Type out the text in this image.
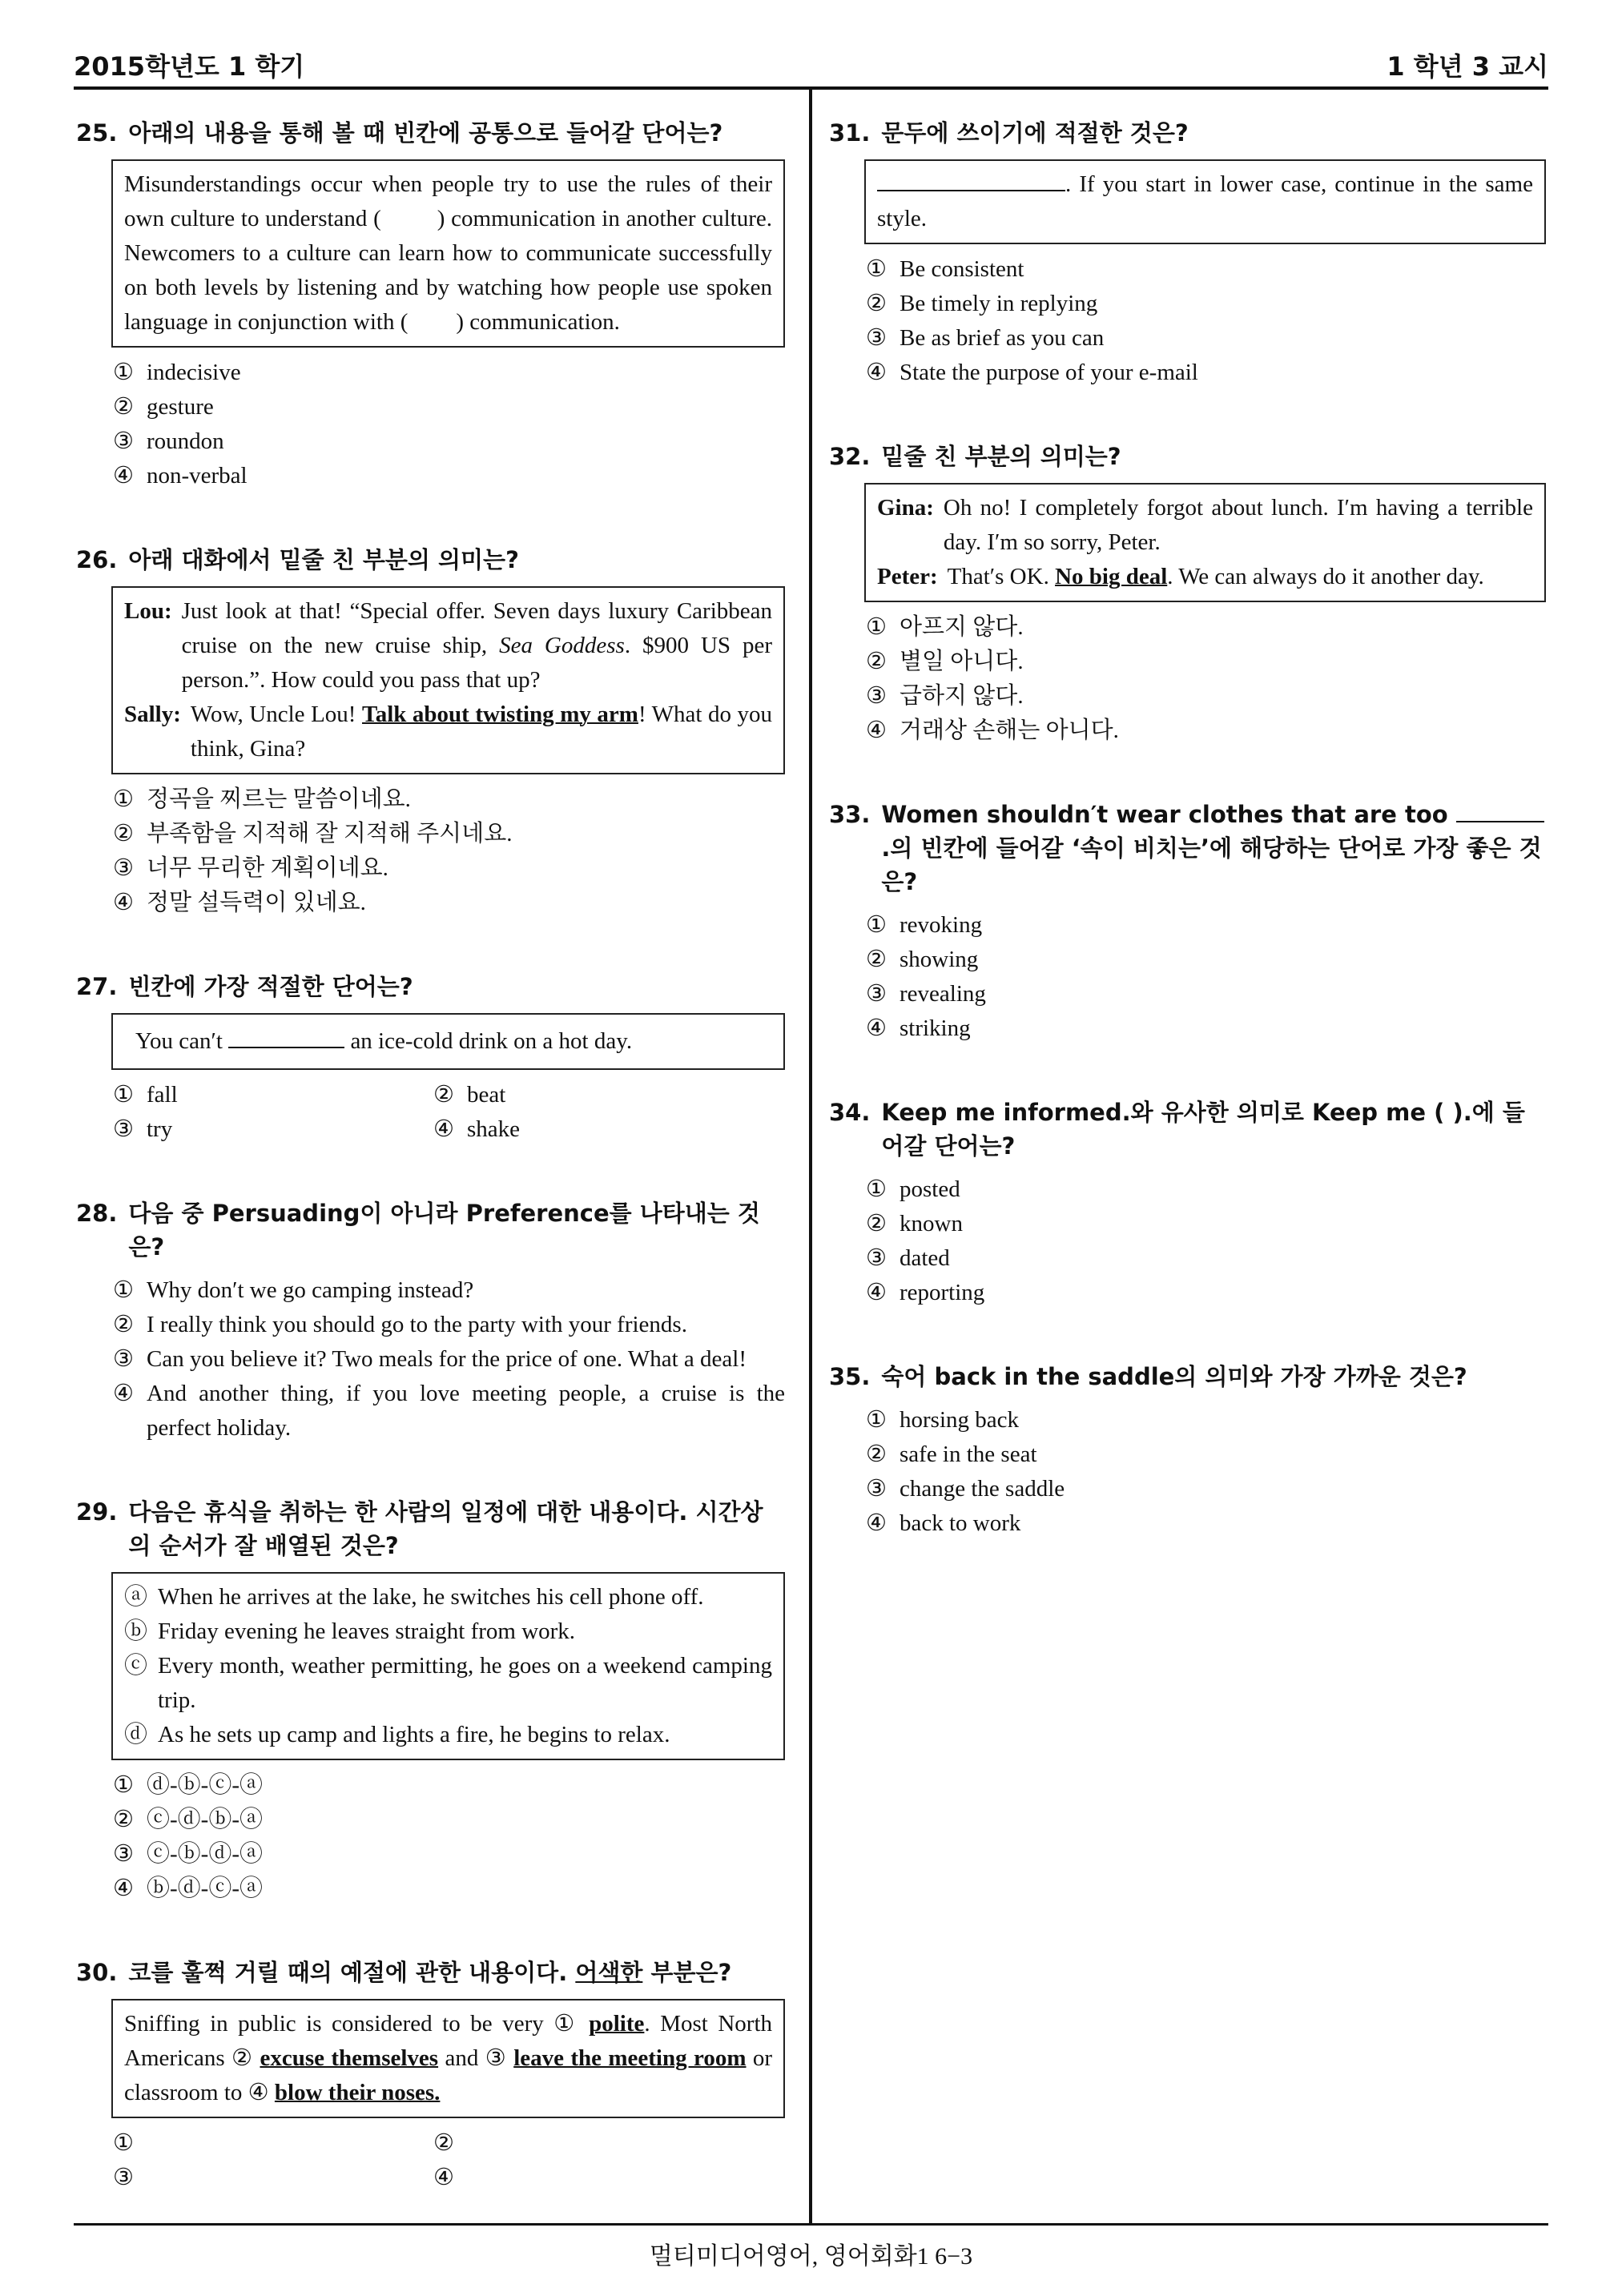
2015학년도 1 학기	1 학년 3 교시
25. 아래의 내용을 통해 볼 때 빈칸에 공통으로 들어갈 단어는?
Misunderstandings occur when people try to use the rules of their own culture to understand ( ) communication in another culture. Newcomers to a culture can learn how to communicate successfully on both levels by listening and by watching how people use spoken language in conjunction with ( ) communication.
① indecisive
② gesture
③ roundon
④ non-verbal
26. 아래 대화에서 밑줄 친 부분의 의미는?
Lou: Just look at that! “Special offer. Seven days luxury Caribbean cruise on the new cruise ship, Sea Goddess. $900 US per person.”. How could you pass that up?
Sally: Wow, Uncle Lou! Talk about twisting my arm! What do you think, Gina?
① 정곡을 찌르는 말씀이네요.
② 부족함을 지적해 잘 지적해 주시네요.
③ 너무 무리한 계획이네요.
④ 정말 설득력이 있네요.
27. 빈칸에 가장 적절한 단어는?
You can′t	an ice-cold drink on a hot day.
① fall	② beat
③ try	④ shake
28. 다음 중 Persuading이 아니라 Preference를 나타내는 것은?
① Why don′t we go camping instead?
② I really think you should go to the party with your friends.
③ Can you believe it? Two meals for the price of one. What a deal!
④ And another thing, if you love meeting people, a cruise is the perfect holiday.
29. 다음은 휴식을 취하는 한 사람의 일정에 대한 내용이다. 시간상의 순서가 잘 배열된 것은?
ⓐ When he arrives at the lake, he switches his cell phone off.
ⓑ Friday evening he leaves straight from work.
ⓒ Every month, weather permitting, he goes on a weekend camping trip.
ⓓ As he sets up camp and lights a fire, he begins to relax.
① ⓓ-ⓑ-ⓒ-ⓐ
② ⓒ-ⓓ-ⓑ-ⓐ
③ ⓒ-ⓑ-ⓓ-ⓐ
④ ⓑ-ⓓ-ⓒ-ⓐ
30. 코를 훌쩍 거릴 때의 예절에 관한 내용이다. 어색한 부분은?
Sniffing in public is considered to be very ① polite. Most North Americans ② excuse themselves and ③ leave the meeting room or classroom to ④ blow their noses.
①	②
③	④
31. 문두에 쓰이기에 적절한 것은?
. If you start in lower case, continue in the same style.
① Be consistent
② Be timely in replying
③ Be as brief as you can
④ State the purpose of your e-mail
32. 밑줄 친 부분의 의미는?
Gina: Oh no! I completely forgot about lunch. I′m having a terrible day. I′m so sorry, Peter.
Peter: That′s OK. No big deal. We can always do it another day.
① 아프지 않다.
② 별일 아니다.
③ 급하지 않다.
④ 거래상 손해는 아니다.
33. Women shouldn′t wear clothes that are too .의 빈칸에 들어갈 ‘속이 비치는’에 해당하는 단어로 가장 좋은 것은?
① revoking
② showing
③ revealing
④ striking
34. Keep me informed.와 유사한 의미로 Keep me ( ).에 들어갈 단어는?
① posted
② known
③ dated
④ reporting
35. 숙어 back in the saddle의 의미와 가장 가까운 것은?
① horsing back
② safe in the seat
③ change the saddle
④ back to work
멀티미디어영어, 영어회화1 6−3
